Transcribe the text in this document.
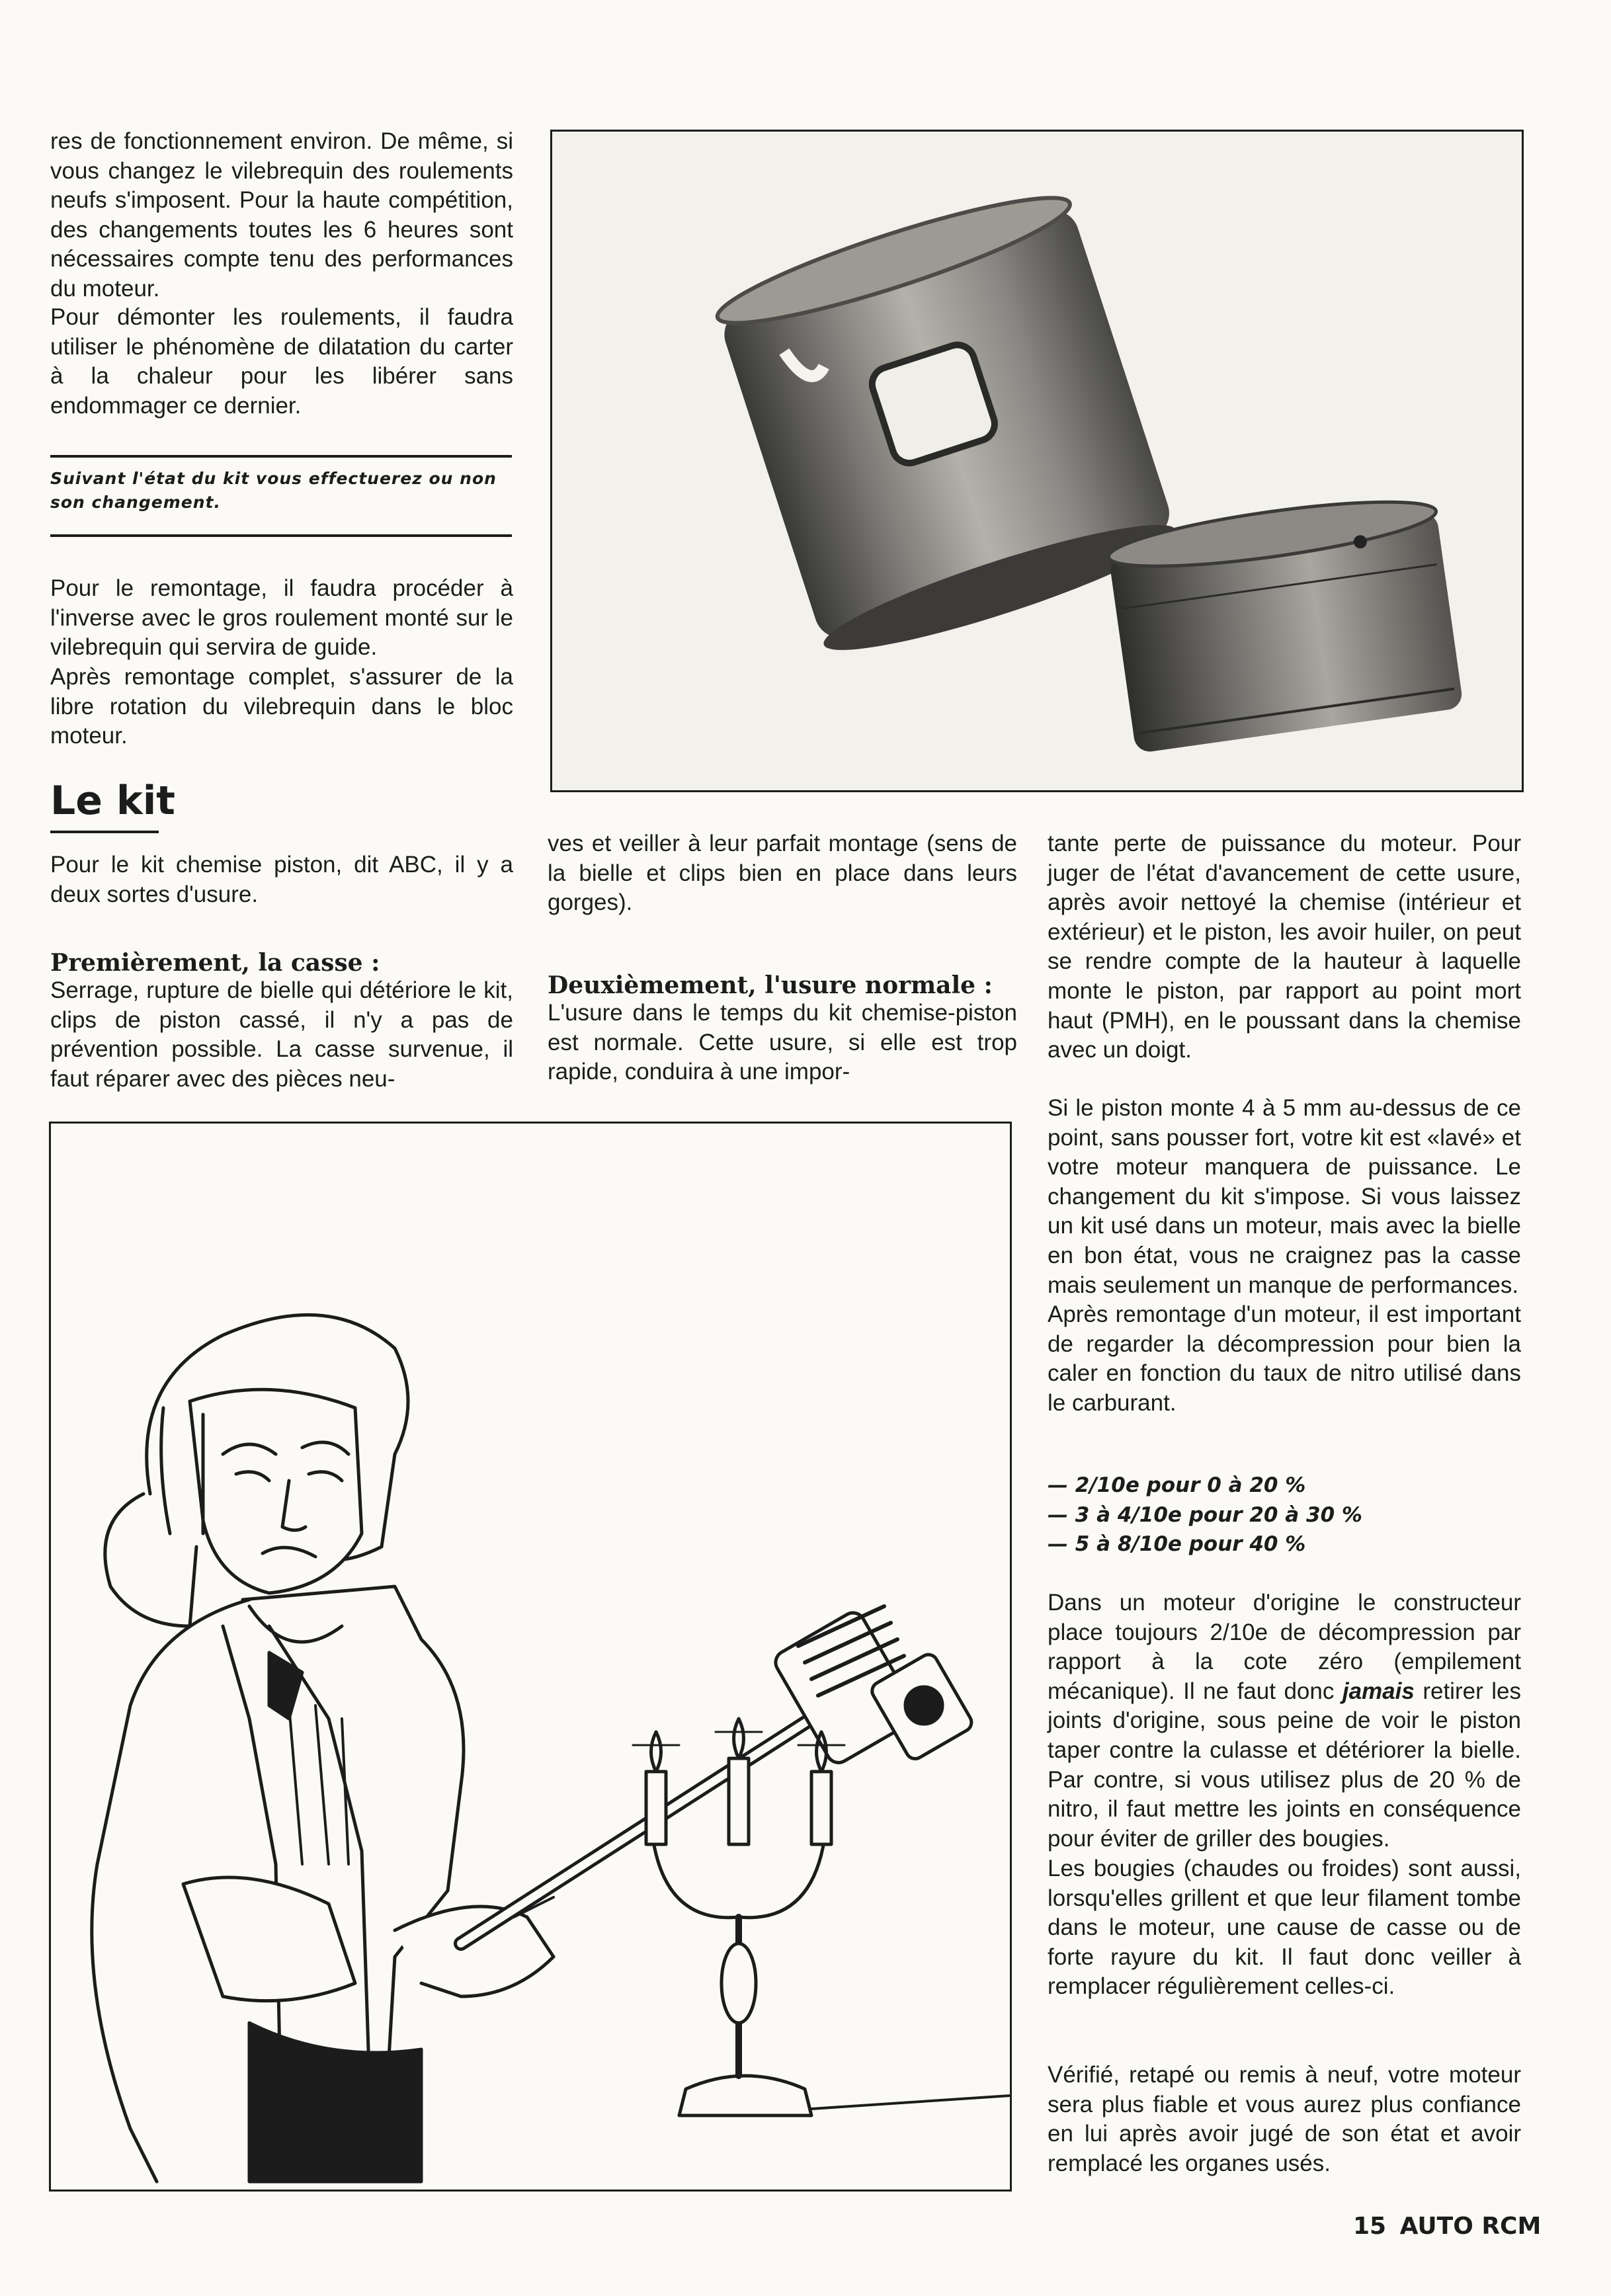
res de fonctionnement environ. De même, si vous changez le vilebrequin des roulements neufs s'imposent. Pour la haute compétition, des changements toutes les 6 heures sont nécessaires compte tenu des performances du moteur.

Pour démonter les roulements, il faudra utiliser le phénomène de dilatation du carter à la chaleur pour les libérer sans endommager ce dernier.

Suivant l'état du kit vous effectuerez ou non son changement.

Pour le remontage, il faudra procéder à l'inverse avec le gros roulement monté sur le vilebrequin qui servira de guide.

Après remontage complet, s'assurer de la libre rotation du vilebrequin dans le bloc moteur.

Le kit

Pour le kit chemise piston, dit ABC, il y a deux sortes d'usure.

Premièrement, la casse :

Serrage, rupture de bielle qui détériore le kit, clips de piston cassé, il n'y a pas de prévention possible. La casse survenue, il faut réparer avec des pièces neu-

ves et veiller à leur parfait montage (sens de la bielle et clips bien en place dans leurs gorges).

Deuxièmement, l'usure normale :

L'usure dans le temps du kit chemise-piston est normale. Cette usure, si elle est trop rapide, conduira à une impor-

tante perte de puissance du moteur. Pour juger de l'état d'avancement de cette usure, après avoir nettoyé la chemise (intérieur et extérieur) et le piston, les avoir huiler, on peut se rendre compte de la hauteur à laquelle monte le piston, par rapport au point mort haut (PMH), en le poussant dans la chemise avec un doigt.

Si le piston monte 4 à 5 mm au-dessus de ce point, sans pousser fort, votre kit est «lavé» et votre moteur manquera de puissance. Le changement du kit s'impose. Si vous laissez un kit usé dans un moteur, mais avec la bielle en bon état, vous ne craignez pas la casse mais seulement un manque de performances.

Après remontage d'un moteur, il est important de regarder la décompression pour bien la caler en fonction du taux de nitro utilisé dans le carburant.

— 2/10e pour 0 à 20 %

— 3 à 4/10e pour 20 à 30 %

— 5 à 8/10e pour 40 %

Dans un moteur d'origine le constructeur place toujours 2/10e de décompression par rapport à la cote zéro (empilement mécanique). Il ne faut donc jamais retirer les joints d'origine, sous peine de voir le piston taper contre la culasse et détériorer la bielle. Par contre, si vous utilisez plus de 20 % de nitro, il faut mettre les joints en conséquence pour éviter de griller des bougies.

Les bougies (chaudes ou froides) sont aussi, lorsqu'elles grillent et que leur filament tombe dans le moteur, une cause de casse ou de forte rayure du kit. Il faut donc veiller à remplacer régulièrement celles-ci.

Vérifié, retapé ou remis à neuf, votre moteur sera plus fiable et vous aurez plus confiance en lui après avoir jugé de son état et avoir remplacé les organes usés.

15 AUTO RCM
